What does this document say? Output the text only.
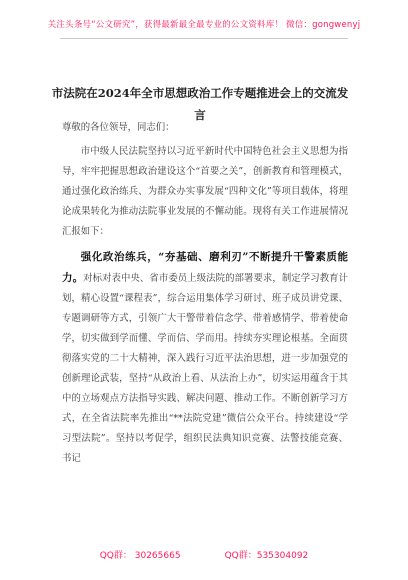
关注头条号“公文研究”，获得最新最全最专业的公文资料库！ 微信：gongwenyj
市法院在2024年全市思想政治工作专题推进会上的交流发言
尊敬的各位领导，同志们：
市中级人民法院坚持以习近平新时代中国特色社会主义思想为指导，牢牢把握思想政治建设这个“首要之关”，创新教育和管理模式，通过强化政治练兵、为群众办实事发展“四种文化”等项目载体，将理论成果转化为推动法院事业发展的不懈动能。现将有关工作进展情况汇报如下：
强化政治练兵，“夯基础、磨利刃”不断提升干警素质能力。对标对表中央、省市委员上级法院的部署要求，制定学习教育计划，精心设置“课程表”，综合运用集体学习研讨、班子成员讲党课、专题调研等方式，引领广大干警带着信念学、带着感情学、带着使命学，切实做到学而懂、学而信、学而用。持续夯实理论根基。全面贯彻落实党的二十大精神，深入践行习近平法治思想，进一步加强党的创新理论武装，坚持“从政治上看、从法治上办”，切实运用蕴含于其中的立场观点方法指导实践、解决问题、推动工作。不断创新学习方式，在全省法院率先推出“**法院党建”微信公众平台。持续建设“学习型法院”。坚持以考促学，组织民法典知识竞赛、法警技能竞赛、书记
QQ群： 30265665	QQ群：535304092
